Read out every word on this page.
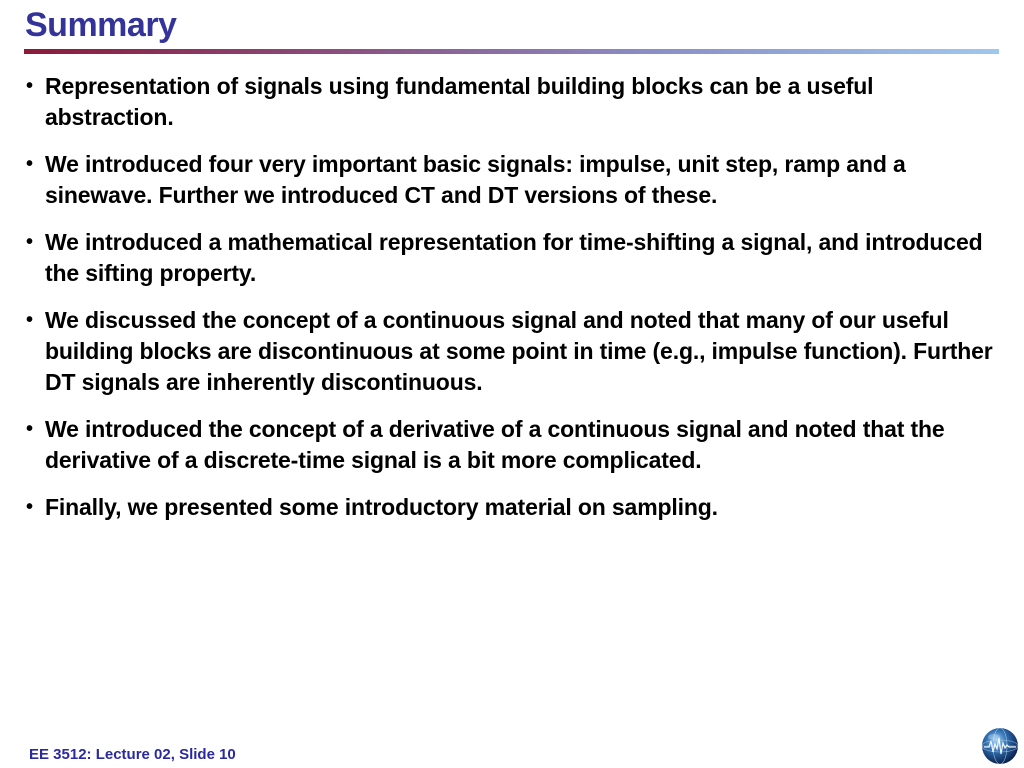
Summary
• Representation of signals using fundamental building blocks can be a useful abstraction.
• We introduced four very important basic signals: impulse, unit step, ramp and a sinewave. Further we introduced CT and DT versions of these.
• We introduced a mathematical representation for time-shifting a signal, and introduced the sifting property.
• We discussed the concept of a continuous signal and noted that many of our useful building blocks are discontinuous at some point in time (e.g., impulse function). Further DT signals are inherently discontinuous.
• We introduced the concept of a derivative of a continuous signal and noted that the derivative of a discrete-time signal is a bit more complicated.
• Finally, we presented some introductory material on sampling.
EE 3512: Lecture 02, Slide 10
